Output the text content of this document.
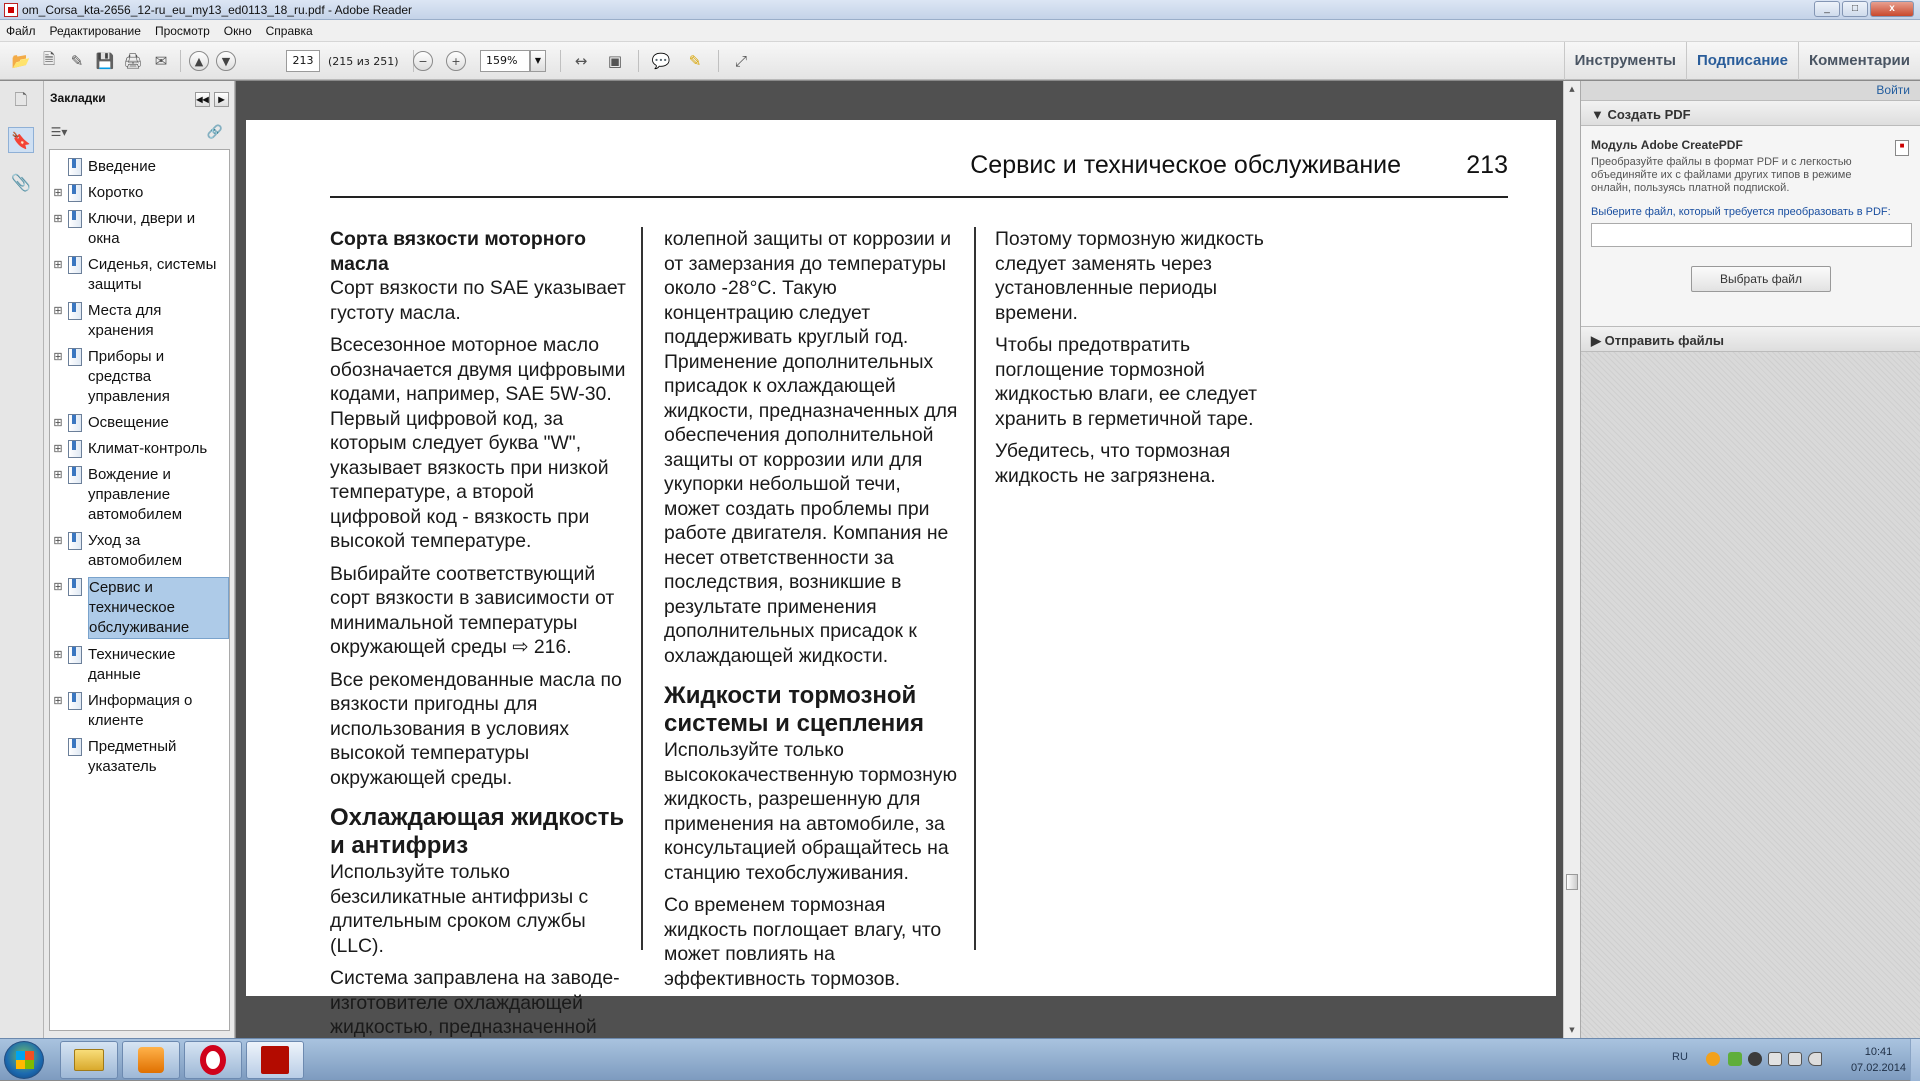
om_Corsa_kta-2656_12-ru_eu_my13_ed0113_18_ru.pdf - Adobe Reader	_	□	x
Файл Редактирование Просмотр Окно Справка
📂 🗎	✎ 💾 🖨 ✉	▲	▼	213	(215 из 251)	−	+	159%	▼	↔	▣ 💬	✎	⤢	Инструменты	Подписание	Комментарии
🗋
🔖
📎
Закладки	◀◀	▶
☰▾	🔗
Введение
⊞ Коротко
⊞ Ключи, двери и окна
⊞ Сиденья, системы защиты
⊞ Места для хранения
⊞ Приборы и средства управления
⊞ Освещение
⊞ Климат-контроль
⊞ Вождение и управление автомобилем
⊞ Уход за автомобилем
⊞ Сервис и техническое обслуживание
⊞ Технические данные
⊞ Информация о клиенте
Предметный указатель
Сервис и техническое обслуживание	213
Сорта вязкости моторного масла

Сорт вязкости по SAE указывает густоту масла.

Всесезонное моторное масло обозначается двумя цифровыми кодами, например, SAE 5W-30. Первый цифровой код, за которым следует буква "W", указывает вязкость при низкой температуре, а второй цифровой код - вязкость при высокой температуре.

Выбирайте соответствующий сорт вязкости в зависимости от минимальной температуры окружающей среды ⇨ 216.

Все рекомендованные масла по вязкости пригодны для использования в условиях высокой температуры окружающей среды.

Охлаждающая жидкость и антифриз

Используйте только безсиликатные антифризы с длительным сроком службы (LLC).

Система заправлена на заводе-изготовителе охлаждающей жидкостью, предназначенной

колепной защиты от коррозии и от замерзания до температуры около -28°C. Такую концентрацию следует поддерживать круглый год. Применение дополнительных присадок к охлаждающей жидкости, предназначенных для обеспечения дополнительной защиты от коррозии или для укупорки небольшой течи, может создать проблемы при работе двигателя. Компания не несет ответственности за последствия, возникшие в результате применения дополнительных присадок к охлаждающей жидкости.

Жидкости тормозной системы и сцепления

Используйте только высококачественную тормозную жидкость, разрешенную для применения на автомобиле, за консультацией обращайтесь на станцию техобслуживания.

Со временем тормозная жидкость поглощает влагу, что может повлиять на эффективность тормозов.

Поэтому тормозную жидкость следует заменять через установленные периоды времени.

Чтобы предотвратить поглощение тормозной жидкостью влаги, ее следует хранить в герметичной таре.

Убедитесь, что тормозная жидкость не загрязнена.

▲
▼
Войти
▼ Создать PDF
■
Модуль Adobe CreatePDF
Преобразуйте файлы в формат PDF и с легкостью объединяйте их с файлами других типов в режиме онлайн, пользуясь платной подпиской.
Выберите файл, который требуется преобразовать в PDF:
Выбрать файл
▶ Отправить файлы
RU	10:41
07.02.2014
